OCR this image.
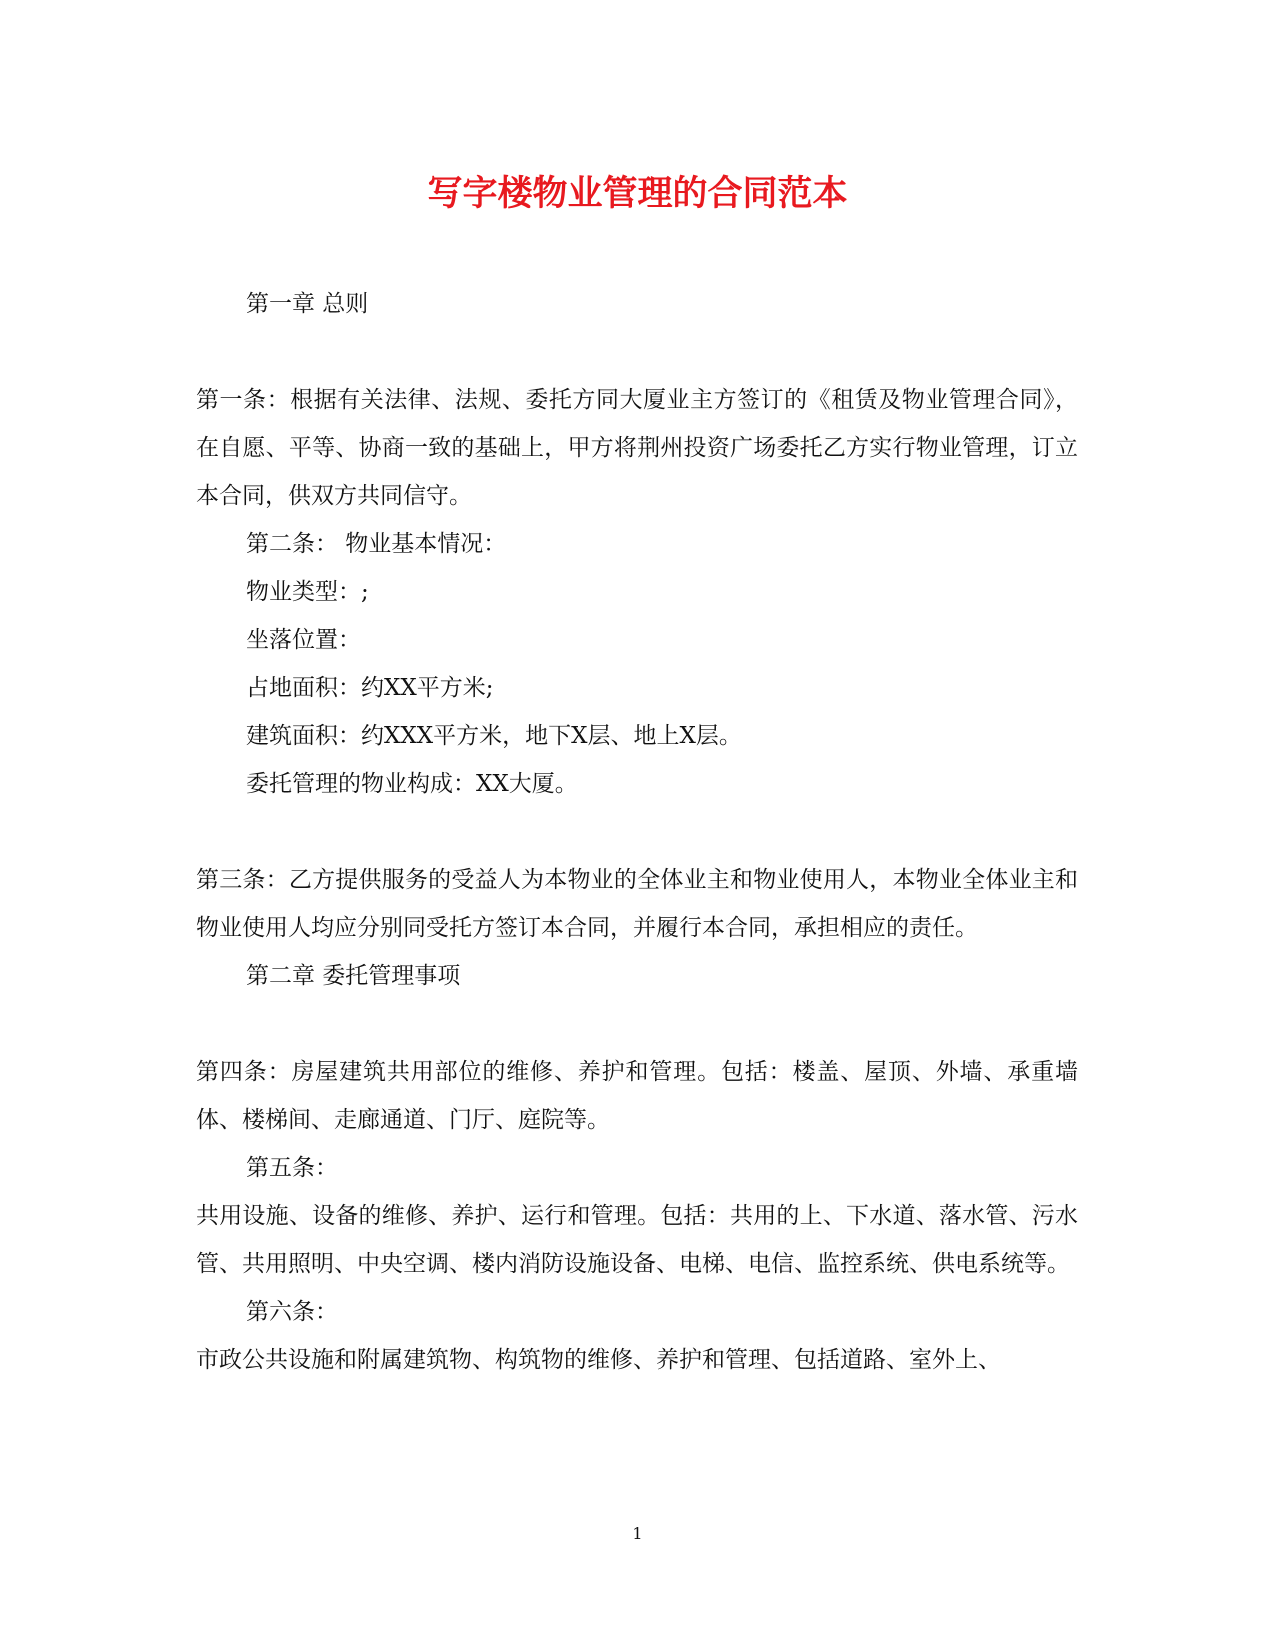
写字楼物业管理的合同范本

第一章 总则

第一条：根据有关法律、法规、委托方同大厦业主方签订的《租赁及物业管理合同》，在自愿、平等、协商一致的基础上，甲方将荆州投资广场委托乙方实行物业管理，订立本合同，供双方共同信守。

第二条： 物业基本情况：

物业类型：;

坐落位置：

占地面积：约XX平方米;

建筑面积：约XXX平方米，地下X层、地上X层。

委托管理的物业构成：XX大厦。

第三条：乙方提供服务的受益人为本物业的全体业主和物业使用人，本物业全体业主和物业使用人均应分别同受托方签订本合同，并履行本合同，承担相应的责任。

第二章 委托管理事项

第四条：房屋建筑共用部位的维修、养护和管理。包括：楼盖、屋顶、外墙、承重墙体、楼梯间、走廊通道、门厅、庭院等。

第五条：

共用设施、设备的维修、养护、运行和管理。包括：共用的上、下水道、落水管、污水管、共用照明、中央空调、楼内消防设施设备、电梯、电信、监控系统、供电系统等。

第六条：

市政公共设施和附属建筑物、构筑物的维修、养护和管理、包括道路、室外上、

1
